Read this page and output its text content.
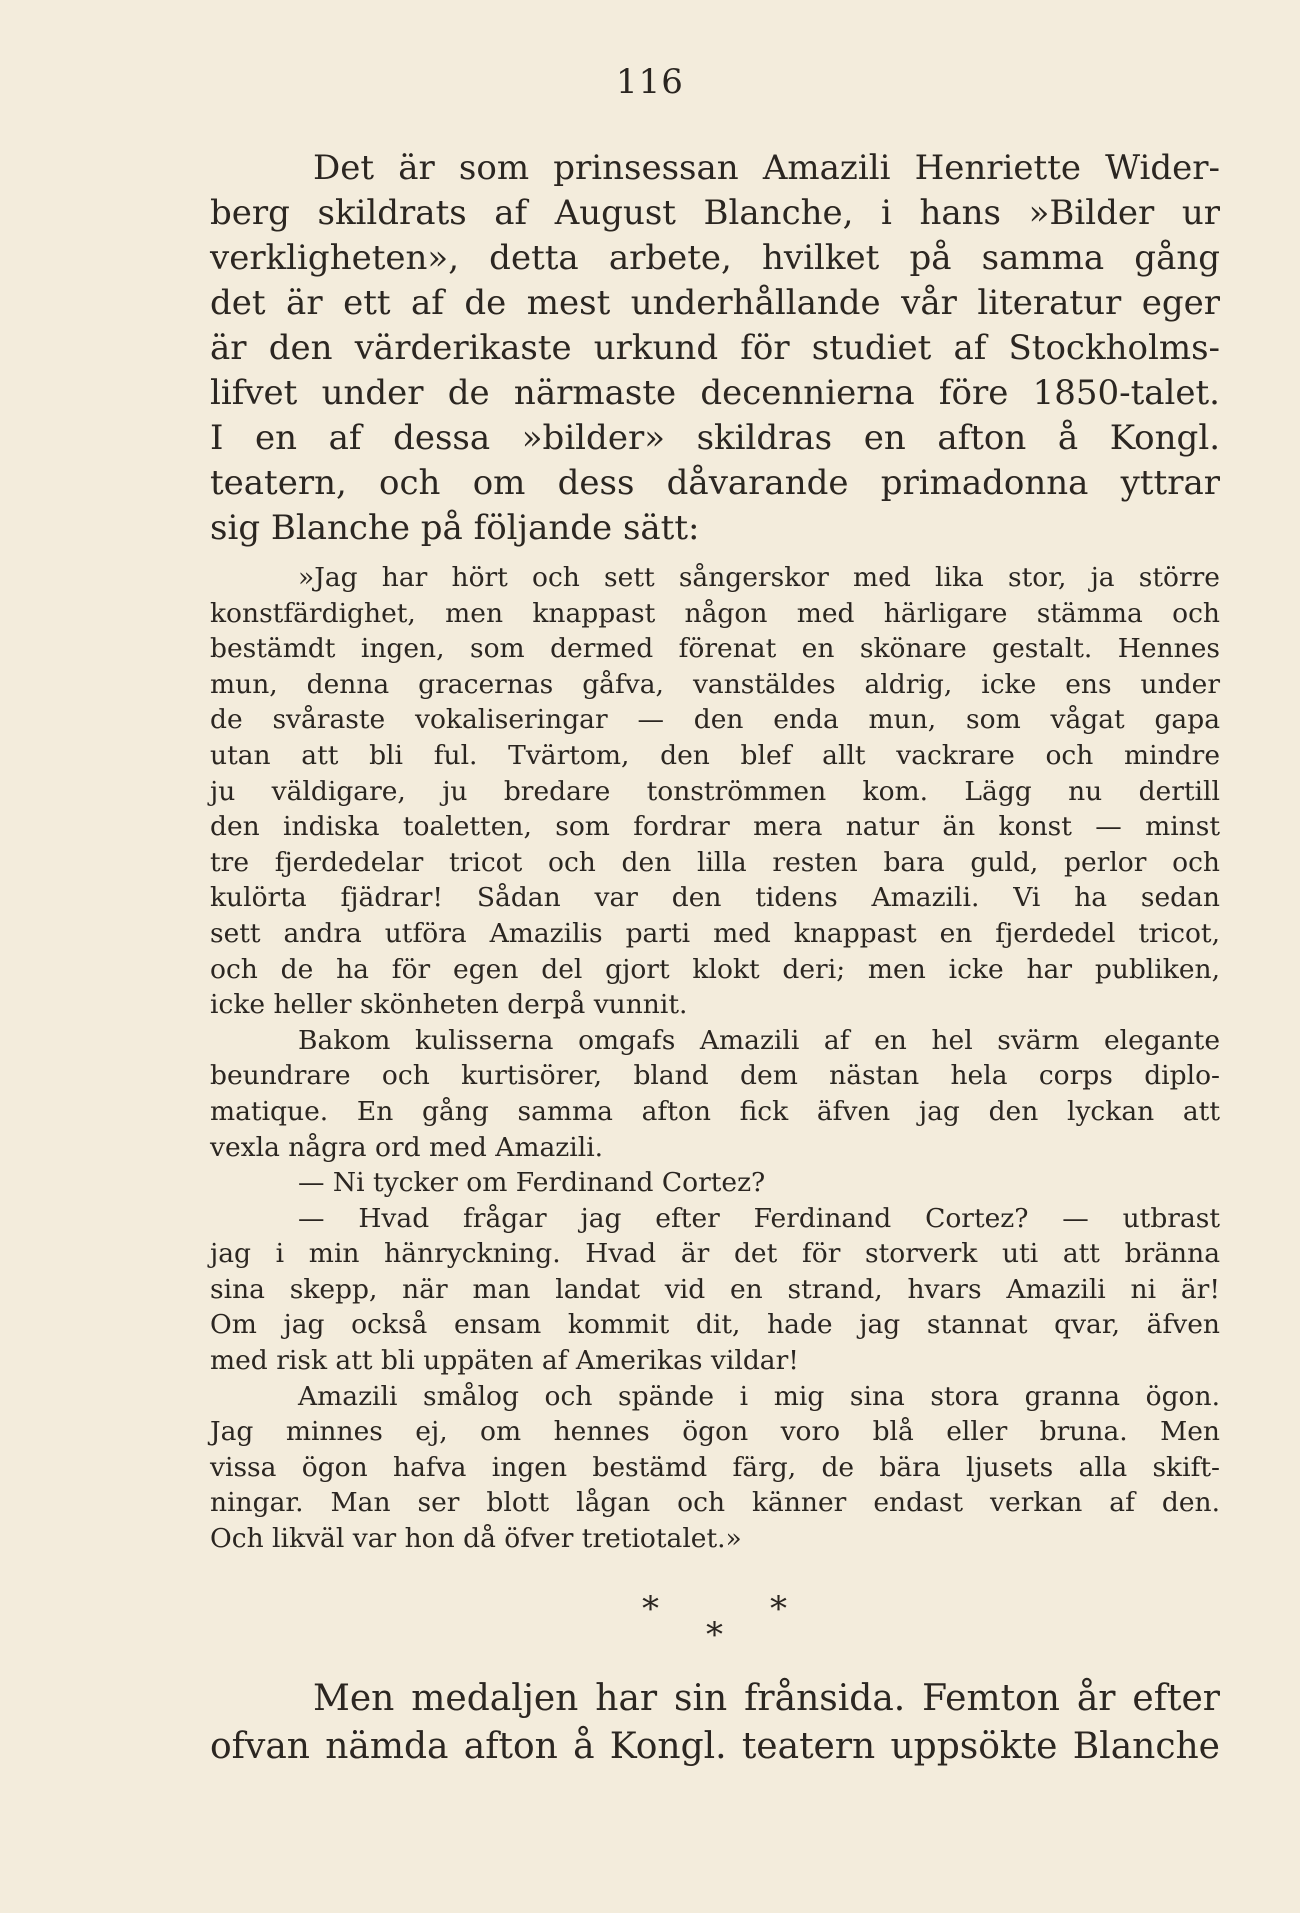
116
Det är som prinsessan Amazili Henriette Wider-
berg skildrats af August Blanche, i hans »Bilder ur
verkligheten», detta arbete, hvilket på samma gång
det är ett af de mest underhållande vår literatur eger
är den värderikaste urkund för studiet af Stockholms-
lifvet under de närmaste decennierna före 1850-talet.
I en af dessa »bilder» skildras en afton å Kongl.
teatern, och om dess dåvarande primadonna yttrar
sig Blanche på följande sätt:
»Jag har hört och sett sångerskor med lika stor, ja större
konstfärdighet, men knappast någon med härligare stämma och
bestämdt ingen, som dermed förenat en skönare gestalt. Hennes
mun, denna gracernas gåfva, vanstäldes aldrig, icke ens under
de svåraste vokaliseringar — den enda mun, som vågat gapa
utan att bli ful. Tvärtom, den blef allt vackrare och mindre
ju väldigare, ju bredare tonströmmen kom. Lägg nu dertill
den indiska toaletten, som fordrar mera natur än konst — minst
tre fjerdedelar tricot och den lilla resten bara guld, perlor och
kulörta fjädrar! Sådan var den tidens Amazili. Vi ha sedan
sett andra utföra Amazilis parti med knappast en fjerdedel tricot,
och de ha för egen del gjort klokt deri; men icke har publiken,
icke heller skönheten derpå vunnit.
Bakom kulisserna omgafs Amazili af en hel svärm elegante
beundrare och kurtisörer, bland dem nästan hela corps diplo-
matique. En gång samma afton fick äfven jag den lyckan att
vexla några ord med Amazili.
— Ni tycker om Ferdinand Cortez?
— Hvad frågar jag efter Ferdinand Cortez? — utbrast
jag i min hänryckning. Hvad är det för storverk uti att bränna
sina skepp, när man landat vid en strand, hvars Amazili ni är!
Om jag också ensam kommit dit, hade jag stannat qvar, äfven
med risk att bli uppäten af Amerikas vildar!
Amazili smålog och spände i mig sina stora granna ögon.
Jag minnes ej, om hennes ögon voro blå eller bruna. Men
vissa ögon hafva ingen bestämd färg, de bära ljusets alla skift-
ningar. Man ser blott lågan och känner endast verkan af den.
Och likväl var hon då öfver tretiotalet.»
*	*
*
Men medaljen har sin frånsida. Femton år efter
ofvan nämda afton å Kongl. teatern uppsökte Blanche
